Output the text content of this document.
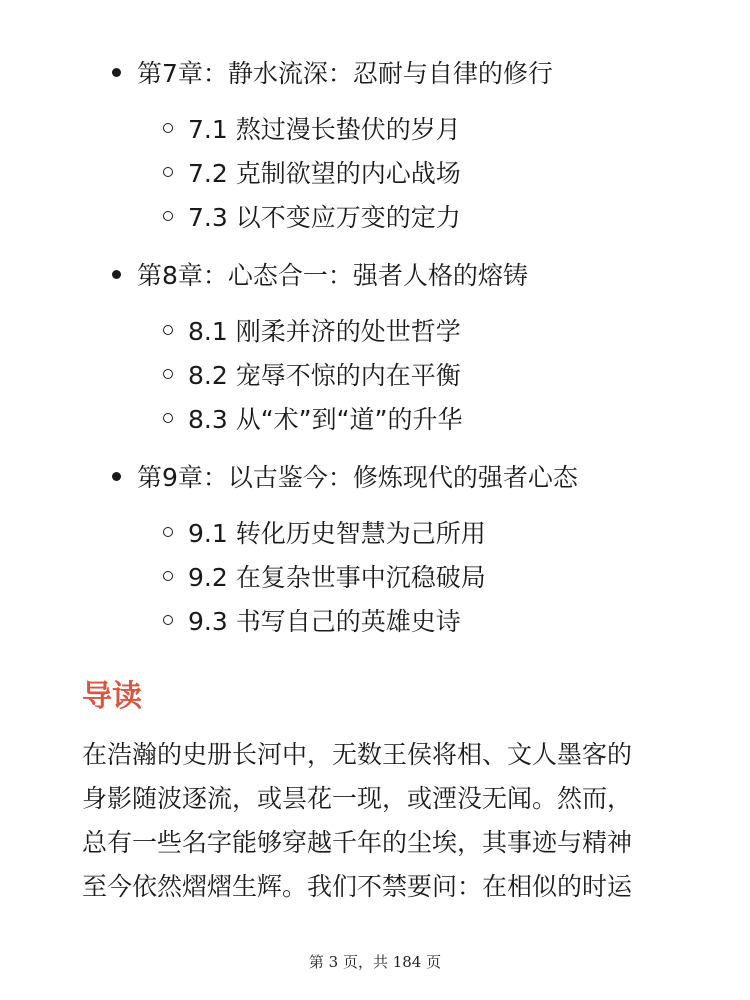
第7章：静水流深：忍耐与自律的修行
7.1 熬过漫长蛰伏的岁月
7.2 克制欲望的内心战场
7.3 以不变应万变的定力
第8章：心态合一：强者人格的熔铸
8.1 刚柔并济的处世哲学
8.2 宠辱不惊的内在平衡
8.3 从“术”到“道”的升华
第9章：以古鉴今：修炼现代的强者心态
9.1 转化历史智慧为己所用
9.2 在复杂世事中沉稳破局
9.3 书写自己的英雄史诗
导读
在浩瀚的史册长河中，无数王侯将相、文人墨客的
身影随波逐流，或昙花一现，或湮没无闻。然而，
总有一些名字能够穿越千年的尘埃，其事迹与精神
至今依然熠熠生辉。我们不禁要问：在相似的时运
第 3 页，共 184 页
